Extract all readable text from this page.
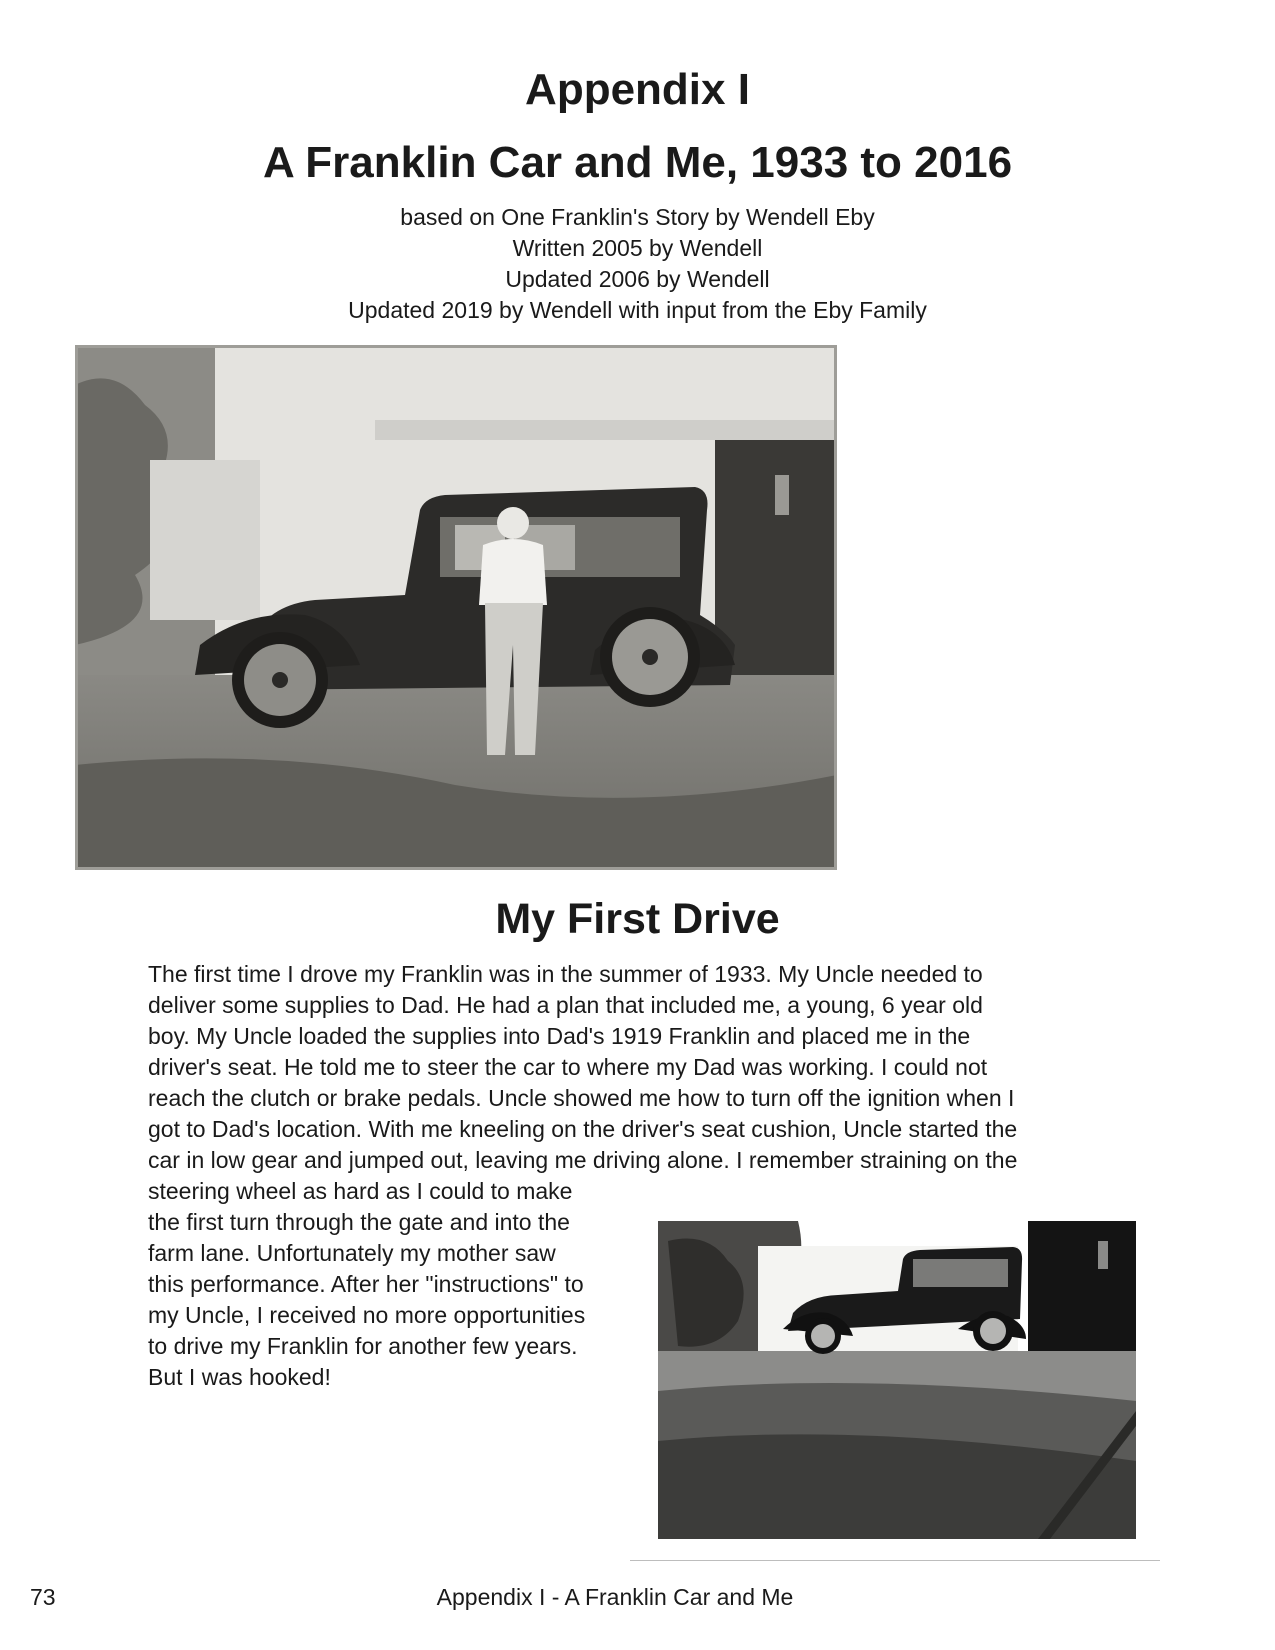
Appendix I
A Franklin Car and Me, 1933 to 2016
based on One Franklin's Story by Wendell Eby
Written 2005 by Wendell
Updated 2006 by Wendell
Updated 2019 by Wendell with input from the Eby Family
My First Drive
The first time I drove my Franklin was in the summer of 1933. My Uncle needed to
deliver some supplies to Dad. He had a plan that included me, a young, 6 year old
boy. My Uncle loaded the supplies into Dad's 1919 Franklin and placed me in the
driver's seat. He told me to steer the car to where my Dad was working. I could not
reach the clutch or brake pedals. Uncle showed me how to turn off the ignition when I
got to Dad's location. With me kneeling on the driver's seat cushion, Uncle started the
car in low gear and jumped out, leaving me driving alone. I remember straining on the
steering wheel as hard as I could to make
the first turn through the gate and into the
farm lane. Unfortunately my mother saw
this performance. After her "instructions" to
my Uncle, I received no more opportunities
to drive my Franklin for another few years.
But I was hooked!
73	Appendix I - A Franklin Car and Me
